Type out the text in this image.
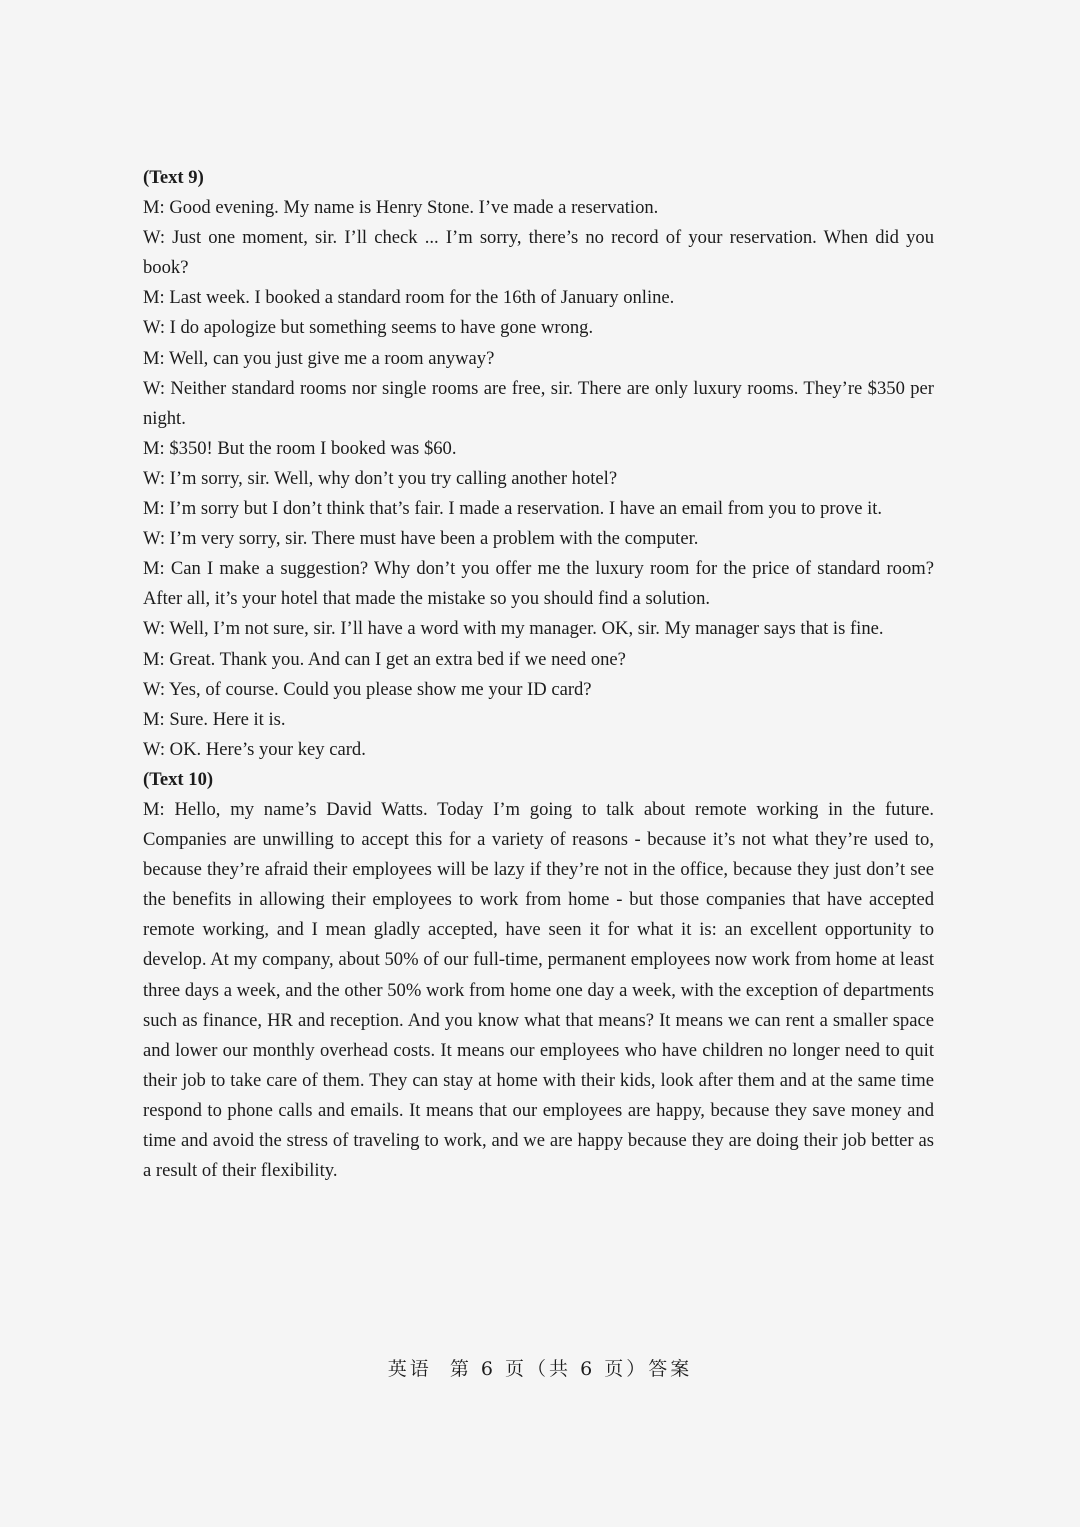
(Text 9)

M: Good evening. My name is Henry Stone. I’ve made a reservation.

W: Just one moment, sir. I’ll check ... I’m sorry, there’s no record of your reservation. When did you book?

M: Last week. I booked a standard room for the 16th of January online.

W: I do apologize but something seems to have gone wrong.

M: Well, can you just give me a room anyway?

W: Neither standard rooms nor single rooms are free, sir. There are only luxury rooms. They’re $350 per night.

M: $350! But the room I booked was $60.

W: I’m sorry, sir. Well, why don’t you try calling another hotel?

M: I’m sorry but I don’t think that’s fair. I made a reservation. I have an email from you to prove it.

W: I’m very sorry, sir. There must have been a problem with the computer.

M: Can I make a suggestion? Why don’t you offer me the luxury room for the price of standard room? After all, it’s your hotel that made the mistake so you should find a solution.

W: Well, I’m not sure, sir. I’ll have a word with my manager. OK, sir. My manager says that is fine.

M: Great. Thank you. And can I get an extra bed if we need one?

W: Yes, of course. Could you please show me your ID card?

M: Sure. Here it is.

W: OK. Here’s your key card.

(Text 10)

M: Hello, my name’s David Watts. Today I’m going to talk about remote working in the future. Companies are unwilling to accept this for a variety of reasons - because it’s not what they’re used to, because they’re afraid their employees will be lazy if they’re not in the office, because they just don’t see the benefits in allowing their employees to work from home - but those companies that have accepted remote working, and I mean gladly accepted, have seen it for what it is: an excellent opportunity to develop. At my company, about 50% of our full-time, permanent employees now work from home at least three days a week, and the other 50% work from home one day a week, with the exception of departments such as finance, HR and reception. And you know what that means? It means we can rent a smaller space and lower our monthly overhead costs. It means our employees who have children no longer need to quit their job to take care of them. They can stay at home with their kids, look after them and at the same time respond to phone calls and emails. It means that our employees are happy, because they save money and time and avoid the stress of traveling to work, and we are happy because they are doing their job better as a result of their flexibility.

英语  第 6 页（共 6 页）答案
